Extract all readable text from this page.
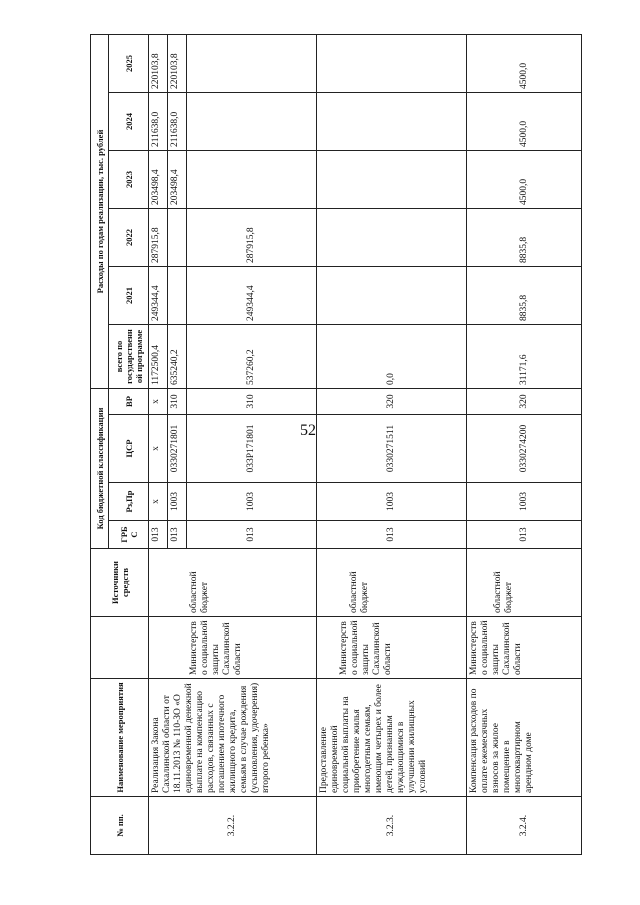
52
№ пп.	Наименование мероприятия		Источники средств	Код бюджетной классификации				Расходы по годам реализации, тыс. рублей					
				ГРБС	Рз,Пр	ЦСР	ВР	всего по государственной программе	2021	2022	2023	2024	2025
3.2.2.	Реализация Закона Сахалинской области от 18.11.2013 № 110-ЗО «О единовременной денежной выплате на компенсацию расходов, связанных с погашением ипотечного жилищного кредита, семьям в случае рождения (усыновления, удочерения) второго ребенка»	Министерство социальной защиты Сахалинской области	областной бюджет	013	x	x	x	1172500,4	249344,4	287915,8	203498,4	211638,0	220103,8
				013	1003	0330271801	310	635240,2			203498,4	211638,0	220103,8
				013	1003	033P171801	310	537260,2	249344,4	287915,8			
3.2.3.	Предоставление единовременной социальной выплаты на приобретение жилья многодетным семьям, имеющим четырех и более детей, признанным нуждающимися в улучшении жилищных условий	Министерство социальной защиты Сахалинской области	областной бюджет	013	1003	0330271511	320	0,0					
3.2.4.	Компенсация расходов по оплате ежемесячных взносов за жилое помещение в многоквартирном арендном доме	Министерство социальной защиты Сахалинской области	областной бюджет	013	1003	0330274200	320	31171,6	8835,8	8835,8	4500,0	4500,0	4500,0
